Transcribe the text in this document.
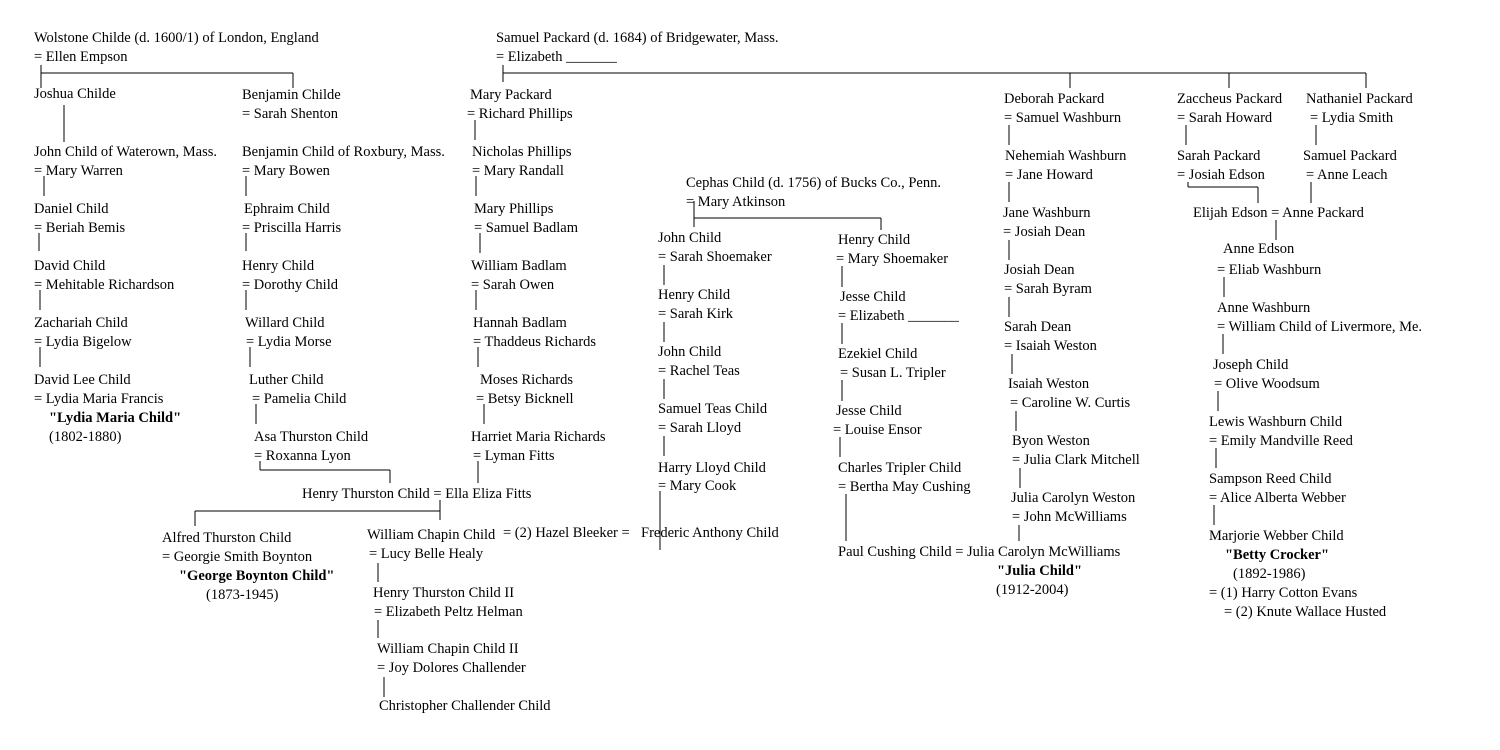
Wolstone Childe (d. 1600/1) of London, England
= Ellen Empson
Samuel Packard (d. 1684) of Bridgewater, Mass.
= Elizabeth _______
Joshua Childe
John Child of Waterown, Mass.
= Mary Warren
Daniel Child
= Beriah Bemis
David Child
= Mehitable Richardson
Zachariah Child
= Lydia Bigelow
David Lee Child
= Lydia Maria Francis
"Lydia Maria Child"
(1802-1880)
Benjamin Childe
= Sarah Shenton
Benjamin Child of Roxbury, Mass.
= Mary Bowen
Ephraim Child
= Priscilla Harris
Henry Child
= Dorothy Child
Willard Child
= Lydia Morse
Luther Child
= Pamelia Child
Asa Thurston Child
= Roxanna Lyon
Mary Packard
= Richard Phillips
Nicholas Phillips
= Mary Randall
Mary Phillips
= Samuel Badlam
William Badlam
= Sarah Owen
Hannah Badlam
= Thaddeus Richards
Moses Richards
= Betsy Bicknell
Harriet Maria Richards
= Lyman Fitts
Henry Thurston Child = Ella Eliza Fitts
Alfred Thurston Child
= Georgie Smith Boynton
"George Boynton Child"
(1873-1945)
William Chapin Child = (2) Hazel Bleeker = Frederic Anthony Child
= Lucy Belle Healy
Henry Thurston Child II
= Elizabeth Peltz Helman
William Chapin Child II
= Joy Dolores Challender
Christopher Challender Child
Cephas Child (d. 1756) of Bucks Co., Penn.
= Mary Atkinson
John Child
= Sarah Shoemaker
Henry Child
= Sarah Kirk
John Child
= Rachel Teas
Samuel Teas Child
= Sarah Lloyd
Harry Lloyd Child
= Mary Cook
Henry Child
= Mary Shoemaker
Jesse Child
= Elizabeth _______
Ezekiel Child
= Susan L. Tripler
Jesse Child
= Louise Ensor
Charles Tripler Child
= Bertha May Cushing
Paul Cushing Child = Julia Carolyn McWilliams
"Julia Child"
(1912-2004)
Deborah Packard
= Samuel Washburn
Nehemiah Washburn
= Jane Howard
Jane Washburn
= Josiah Dean
Josiah Dean
= Sarah Byram
Sarah Dean
= Isaiah Weston
Isaiah Weston
= Caroline W. Curtis
Byon Weston
= Julia Clark Mitchell
Julia Carolyn Weston
= John McWilliams
Zaccheus Packard
= Sarah Howard
Sarah Packard
= Josiah Edson
Nathaniel Packard
= Lydia Smith
Samuel Packard
= Anne Leach
Elijah Edson = Anne Packard
Anne Edson
= Eliab Washburn
Anne Washburn
= William Child of Livermore, Me.
Joseph Child
= Olive Woodsum
Lewis Washburn Child
= Emily Mandville Reed
Sampson Reed Child
= Alice Alberta Webber
Marjorie Webber Child
"Betty Crocker"
(1892-1986)
= (1) Harry Cotton Evans
= (2) Knute Wallace Husted
